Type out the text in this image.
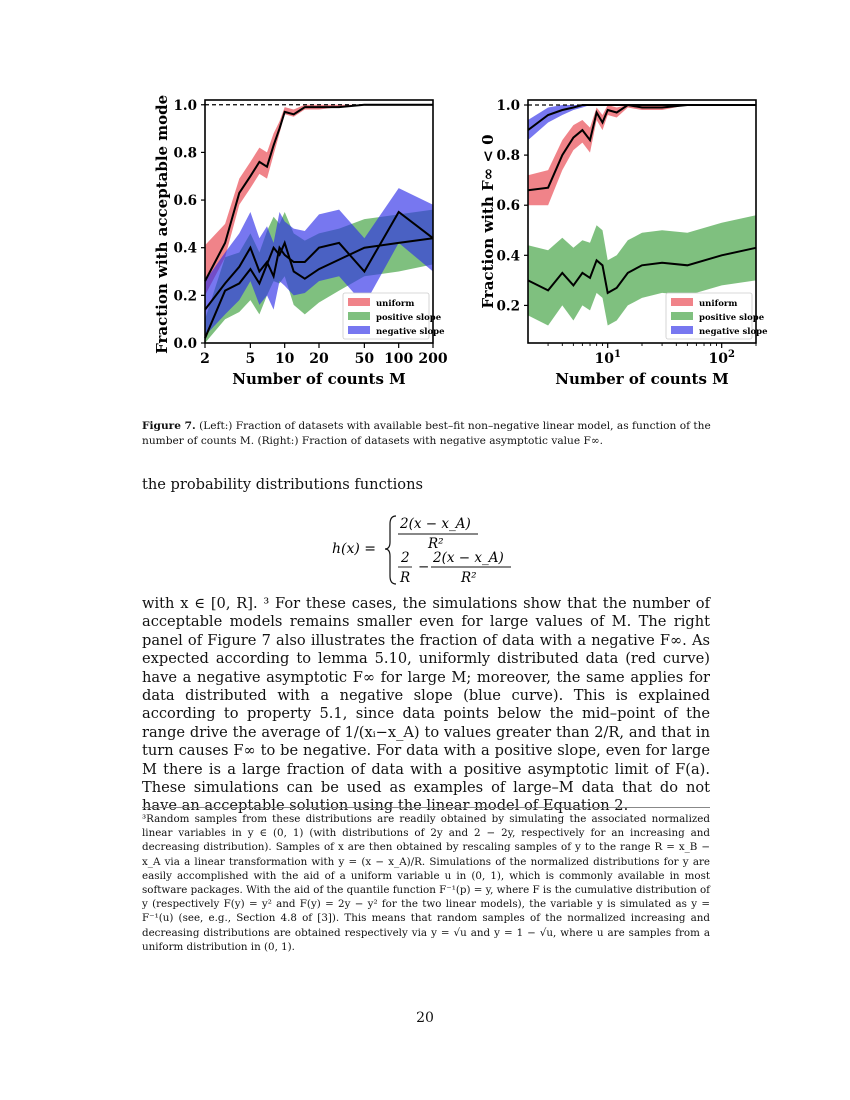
0.0
0.2
0.4
0.6
0.8
1.0
2	5 10 20 50 100 200
Number of counts M
Fraction with acceptable model	uniform
positive slope
negative slope
0.2
0.4
0.6
0.8
1.0
$10^1$	$10^2$
Number of counts M
Fraction with F∞ < 0	uniform
positive slope
negative slope
Figure 7. (Left:) Fraction of datasets with available best–fit non–negative linear model, as function of the number of counts M. (Right:) Fraction of datasets with negative asymptotic value F∞.
the probability distributions functions
h(x) =
2(x − x_A)
R²
2
R
−
2(x − x_A)
R²
with x ∈ [0, R]. ³ For these cases, the simulations show that the number of acceptable models remains smaller even for large values of M. The right panel of Figure 7 also illustrates the fraction of data with a negative F∞. As expected according to lemma 5.10, uniformly distributed data (red curve) have a negative asymptotic F∞ for large M; moreover, the same applies for data distributed with a negative slope (blue curve). This is explained according to property 5.1, since data points below the mid–point of the range drive the average of 1/(xᵢ−x_A) to values greater than 2/R, and that in turn causes F∞ to be negative. For data with a positive slope, even for large M there is a large fraction of data with a positive asymptotic limit of F(a). These simulations can be used as examples of large–M data that do not have an acceptable solution using the linear model of Equation 2.
³Random samples from these distributions are readily obtained by simulating the associated normalized linear variables in y ∈ (0, 1) (with distributions of 2y and 2 − 2y, respectively for an increasing and decreasing distribution). Samples of x are then obtained by rescaling samples of y to the range R = x_B − x_A via a linear transformation with y = (x − x_A)/R. Simulations of the normalized distributions for y are easily accomplished with the aid of a uniform variable u in (0, 1), which is commonly available in most software packages. With the aid of the quantile function F⁻¹(p) = y, where F is the cumulative distribution of y (respectively F(y) = y² and F(y) = 2y − y² for the two linear models), the variable y is simulated as y = F⁻¹(u) (see, e.g., Section 4.8 of [3]). This means that random samples of the normalized increasing and decreasing distributions are obtained respectively via y = √u and y = 1 − √u, where u are samples from a uniform distribution in (0, 1).
20
